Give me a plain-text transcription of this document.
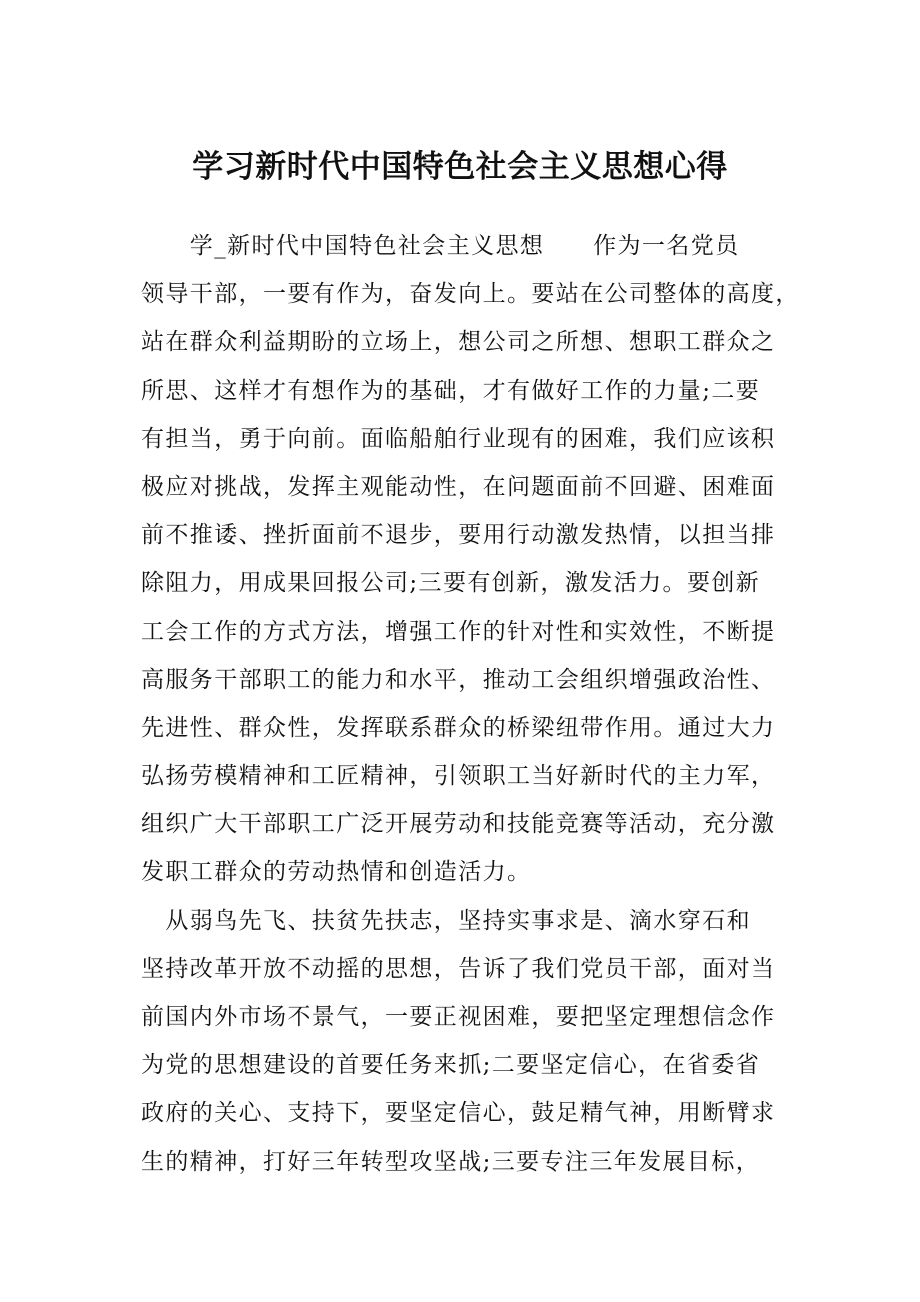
学习新时代中国特色社会主义思想心得
　　学_新时代中国特色社会主义思想　　作为一名党员
领导干部，一要有作为，奋发向上。要站在公司整体的高度，
站在群众利益期盼的立场上，想公司之所想、想职工群众之
所思、这样才有想作为的基础，才有做好工作的力量;二要
有担当，勇于向前。面临船舶行业现有的困难，我们应该积
极应对挑战，发挥主观能动性，在问题面前不回避、困难面
前不推诿、挫折面前不退步，要用行动激发热情，以担当排
除阻力，用成果回报公司;三要有创新，激发活力。要创新
工会工作的方式方法，增强工作的针对性和实效性，不断提
高服务干部职工的能力和水平，推动工会组织增强政治性、
先进性、群众性，发挥联系群众的桥梁纽带作用。通过大力
弘扬劳模精神和工匠精神，引领职工当好新时代的主力军，
组织广大干部职工广泛开展劳动和技能竞赛等活动，充分激
发职工群众的劳动热情和创造活力。
　从弱鸟先飞、扶贫先扶志，坚持实事求是、滴水穿石和
坚持改革开放不动摇的思想，告诉了我们党员干部，面对当
前国内外市场不景气，一要正视困难，要把坚定理想信念作
为党的思想建设的首要任务来抓;二要坚定信心，在省委省
政府的关心、支持下，要坚定信心，鼓足精气神，用断臂求
生的精神，打好三年转型攻坚战;三要专注三年发展目标，
